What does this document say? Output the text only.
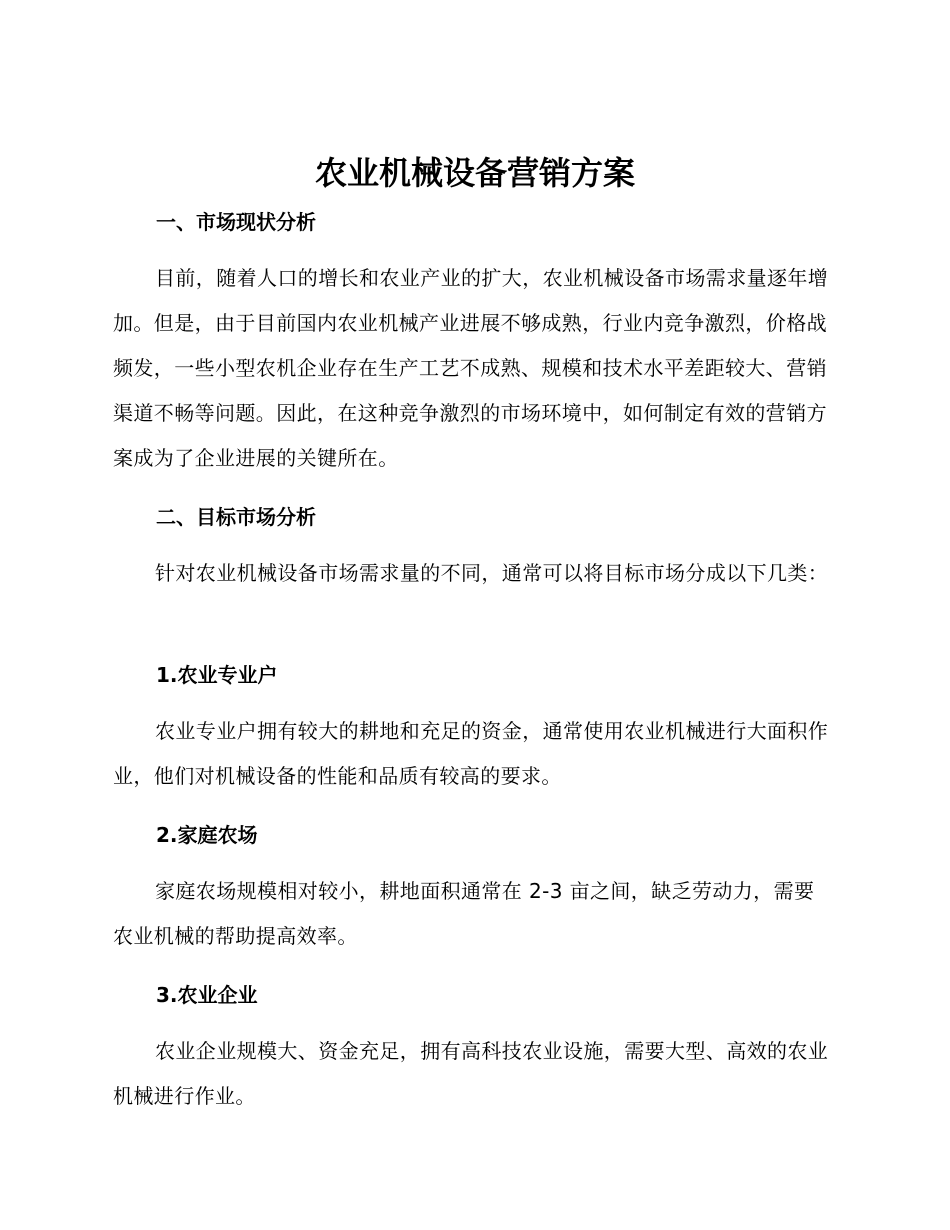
农业机械设备营销方案
一、市场现状分析

目前，随着人口的增长和农业产业的扩大，农业机械设备市场需求量逐年增加。但是，由于目前国内农业机械产业进展不够成熟，行业内竞争激烈，价格战频发，一些小型农机企业存在生产工艺不成熟、规模和技术水平差距较大、营销渠道不畅等问题。因此，在这种竞争激烈的市场环境中，如何制定有效的营销方案成为了企业进展的关键所在。

二、目标市场分析

针对农业机械设备市场需求量的不同，通常可以将目标市场分成以下几类：

1.农业专业户

农业专业户拥有较大的耕地和充足的资金，通常使用农业机械进行大面积作业，他们对机械设备的性能和品质有较高的要求。

2.家庭农场

家庭农场规模相对较小，耕地面积通常在 2-3 亩之间，缺乏劳动力，需要农业机械的帮助提高效率。

3.农业企业

农业企业规模大、资金充足，拥有高科技农业设施，需要大型、高效的农业机械进行作业。
